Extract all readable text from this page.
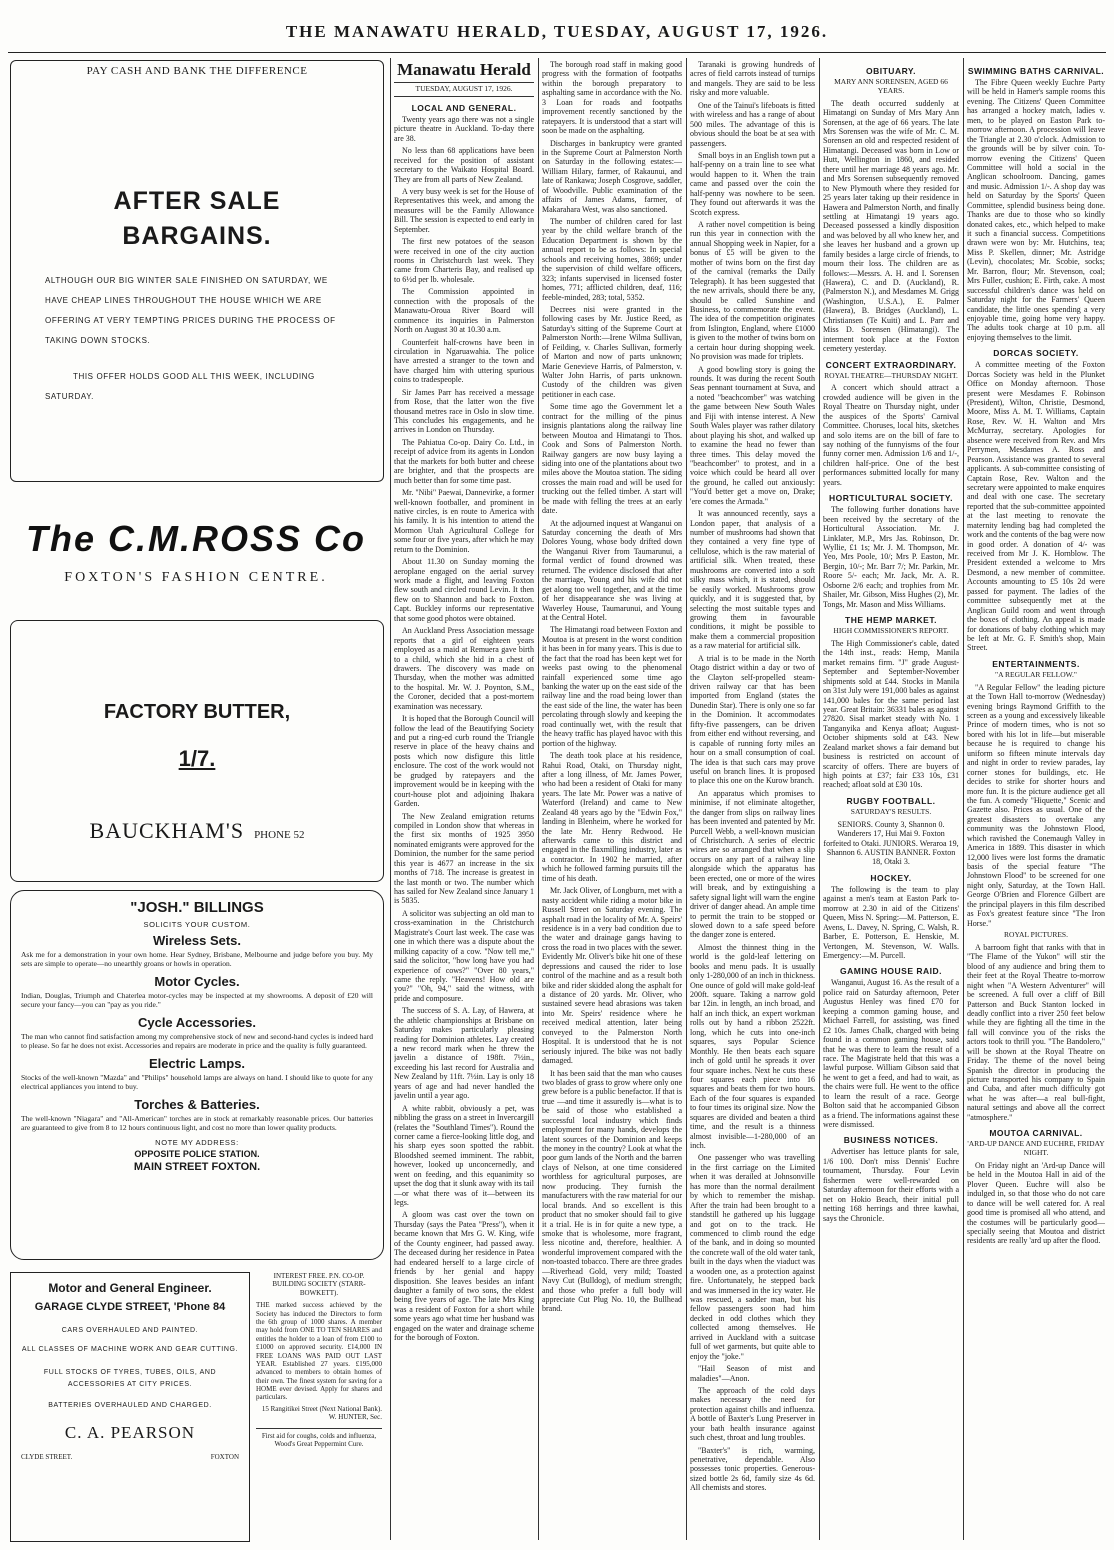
THE MANAWATU HERALD, TUESDAY, AUGUST 17, 1926.
PAY CASH AND BANK THE DIFFERENCE
AFTER SALE
BARGAINS.
ALTHOUGH OUR BIG WINTER SALE FINISHED ON SATURDAY, WE HAVE CHEAP LINES THROUGHOUT THE HOUSE WHICH WE ARE OFFERING AT VERY TEMPTING PRICES DURING THE PROCESS OF TAKING DOWN STOCKS.
THIS OFFER HOLDS GOOD ALL THIS WEEK, INCLUDING SATURDAY.
The C.M.ROSS Co
FOXTON'S FASHION CENTRE.
FACTORY BUTTER,
1/7.
BAUCKHAM'S PHONE 52
"JOSH." BILLINGS
SOLICITS YOUR CUSTOM.
Wireless Sets.
Ask me for a demonstration in your own home. Hear Sydney, Brisbane, Melbourne and judge before you buy. My sets are simple to operate—no unearthly groans or howls in operation.
Motor Cycles.
Indian, Douglas, Triumph and Chaterlea motor-cycles may be inspected at my showrooms. A deposit of £20 will secure your fancy—you can "pay as you ride."
Cycle Accessories.
The man who cannot find satisfaction among my comprehensive stock of new and second-hand cycles is indeed hard to please. So far he does not exist. Accessories and repairs are moderate in price and the quality is fully guaranteed.
Electric Lamps.
Stocks of the well-known "Mazda" and "Philips" household lamps are always on hand. I should like to quote for any electrical appliances you intend to buy.
Torches & Batteries.
The well-known "Niagara" and "All-American" torches are in stock at remarkably reasonable prices. Our batteries are guaranteed to give from 8 to 12 hours continuous light, and cost no more than lower quality products.
NOTE MY ADDRESS:
OPPOSITE POLICE STATION.
MAIN STREET FOXTON.
Motor and General Engineer.
GARAGE CLYDE STREET, 'Phone 84
CARS OVERHAULED AND PAINTED.
ALL CLASSES OF MACHINE WORK AND GEAR CUTTING.
FULL STOCKS OF TYRES, TUBES, OILS, AND ACCESSORIES AT CITY PRICES.
BATTERIES OVERHAULED AND CHARGED.
C. A. PEARSON
CLYDE STREET.	FOXTON
INTEREST FREE. P.N. CO-OP. BUILDING SOCIETY (STARR-BOWKETT).
THE marked success achieved by the Society has induced the Directors to form the 6th group of 1000 shares. A member may hold from ONE TO TEN SHARES and entitles the holder to a loan of from £100 to £1000 on approved security. £14,000 IN FREE LOANS WAS PAID OUT LAST YEAR. Established 27 years. £195,000 advanced to members to obtain homes of their own. The finest system for saving for a HOME ever devised. Apply for shares and particulars.
15 Rangitikei Street (Next National Bank).
W. HUNTER, Sec.
First aid for coughs, colds and influenza, Wood's Great Peppermint Cure.
Manawatu Herald
TUESDAY, AUGUST 17, 1926.
LOCAL AND GENERAL.

Twenty years ago there was not a single picture theatre in Auckland. To-day there are 38.

No less than 68 applications have been received for the position of assistant secretary to the Waikato Hospital Board. They are from all parts of New Zealand.

A very busy week is set for the House of Representatives this week, and among the measures will be the Family Allowance Bill. The session is expected to end early in September.

The first new potatoes of the season were received in one of the city auction rooms in Christchurch last week. They came from Charteris Bay, and realised up to 6½d per lb. wholesale.

The Commission appointed in connection with the proposals of the Manawatu-Oroua River Board will commence its inquiries in Palmerston North on August 30 at 10.30 a.m.

Counterfeit half-crowns have been in circulation in Ngaruawahia. The police have arrested a stranger to the town and have charged him with uttering spurious coins to tradespeople.

Sir James Parr has received a message from Rose, that the latter won the five thousand metres race in Oslo in slow time. This concludes his engagements, and he arrives in London on Thursday.

The Pahiatua Co-op. Dairy Co. Ltd., in receipt of advice from its agents in London that the markets for both butter and cheese are brighter, and that the prospects are much better than for some time past.

Mr. "Nibi" Paewai, Dannevirke, a former well-known footballer, and prominent in native circles, is en route to America with his family. It is his intention to attend the Mormon Utah Agricultural College for some four or five years, after which he may return to the Dominion.

About 11.30 on Sunday morning the aeroplane engaged on the aerial survey work made a flight, and leaving Foxton flew south and circled round Levin. It then flew on to Shannon and back to Foxton. Capt. Buckley informs our representative that some good photos were obtained.

An Auckland Press Association message reports that a girl of eighteen years employed as a maid at Remuera gave birth to a child, which she hid in a chest of drawers. The discovery was made on Thursday, when the mother was admitted to the hospital. Mr. W. J. Poynton, S.M., the Coroner, decided that a post-mortem examination was necessary.

It is hoped that the Borough Council will follow the lead of the Beautifying Society and put a ring-ed curb round the Triangle reserve in place of the heavy chains and posts which now disfigure this little enclosure. The cost of the work would not be grudged by ratepayers and the improvement would be in keeping with the court-house plot and adjoining Ihakara Garden.

The New Zealand emigration returns compiled in London show that whereas in the first six months of 1925 3950 nominated emigrants were approved for the Dominion, the number for the same period this year is 4677 an increase in the six months of 718. The increase is greatest in the last month or two. The number which has sailed for New Zealand since January 1 is 5835.

A solicitor was subjecting an old man to cross-examination in the Christchurch Magistrate's Court last week. The case was one in which there was a dispute about the milking capacity of a cow. "Now tell me," said the solicitor, "how long have you had experience of cows?" "Over 80 years," came the reply. "Heavens! How old are you?" "Oh, 94," said the witness, with pride and composure.

The success of S. A. Lay, of Hawera, at the athletic championships at Brisbane on Saturday makes particularly pleasing reading for Dominion athletes. Lay created a new record mark when he threw the javelin a distance of 198ft. 7½in., exceeding his last record for Australia and New Zealand by 11ft. 7½in. Lay is only 18 years of age and had never handled the javelin until a year ago.

A white rabbit, obviously a pet, was nibbling the grass on a street in Invercargill (relates the "Southland Times"). Round the corner came a fierce-looking little dog, and his sharp eyes soon spotted the rabbit. Bloodshed seemed imminent. The rabbit, however, looked up unconcernedly, and went on feeding, and this equanimity so upset the dog that it slunk away with its tail—or what there was of it—between its legs.

A gloom was cast over the town on Thursday (says the Patea "Press"), when it became known that Mrs G. W. King, wife of the County engineer, had passed away. The deceased during her residence in Patea had endeared herself to a large circle of friends by her genial and happy disposition. She leaves besides an infant daughter a family of two sons, the eldest being five years of age. The late Mrs King was a resident of Foxton for a short while some years ago what time her husband was engaged on the water and drainage scheme for the borough of Foxton.

The borough road staff in making good progress with the formation of footpaths within the borough preparatory to asphalting same in accordance with the No. 3 Loan for roads and footpaths improvement recently sanctioned by the ratepayers. It is understood that a start will soon be made on the asphalting.

Discharges in bankruptcy were granted in the Supreme Court at Palmerston North on Saturday in the following estates:—William Hilary, farmer, of Rakaunui, and late of Rankawa; Joseph Cosgrove, saddler, of Woodville. Public examination of the affairs of James Adams, farmer, of Makarahara West, was also sanctioned.

The number of children cared for last year by the child welfare branch of the Education Department is shown by the annual report to be as follows: In special schools and receiving homes, 3869; under the supervision of child welfare officers, 323; infants supervised in licensed foster homes, 771; afflicted children, deaf, 116; feeble-minded, 283; total, 5352.

Decrees nisi were granted in the following cases by Mr. Justice Reed, as Saturday's sitting of the Supreme Court at Palmerston North:—Irene Wilma Sullivan, of Feilding, v. Charles Sullivan, formerly of Marton and now of parts unknown; Marie Genevieve Harris, of Palmerston, v. Walter John Harris, of parts unknown. Custody of the children was given petitioner in each case.

Some time ago the Government let a contract for the milling of the pinus insignis plantations along the railway line between Moutoa and Himatangi to Thos. Cook and Sons of Palmerston North. Railway gangers are now busy laying a siding into one of the plantations about two miles above the Moutoa station. The siding crosses the main road and will be used for trucking out the felled timber. A start will be made with felling the trees at an early date.

At the adjourned inquest at Wanganui on Saturday concerning the death of Mrs Dolores Young, whose body drifted down the Wanganui River from Taumarunui, a formal verdict of found drowned was returned. The evidence disclosed that after the marriage, Young and his wife did not get along too well together, and at the time of her disappearance she was living at Waverley House, Taumarunui, and Young at the Central Hotel.

The Himatangi road between Foxton and Moutoa is at present in the worst condition it has been in for many years. This is due to the fact that the road has been kept wet for weeks past owing to the phenomenal rainfall experienced some time ago banking the water up on the east side of the railway line and the road being lower than the east side of the line, the water has been percolating through slowly and keeping the road continually wet, with the result that the heavy traffic has played havoc with this portion of the highway.

The death took place at his residence, Rahui Road, Otaki, on Thursday night, after a long illness, of Mr. James Power, who had been a resident of Otaki for many years. The late Mr. Power was a native of Waterford (Ireland) and came to New Zealand 48 years ago by the "Edwin Fox," landing in Blenheim, where he worked for the late Mr. Henry Redwood. He afterwards came to this district and engaged in the flaxmilling industry, later as a contractor. In 1902 he married, after which he followed farming pursuits till the time of his death.

Mr. Jack Oliver, of Longburn, met with a nasty accident while riding a motor bike in Russell Street on Saturday evening. The asphalt road in the locality of Mr. A. Speirs' residence is in a very bad condition due to the water and drainage gangs having to cross the road in two places with the sewer. Evidently Mr. Oliver's bike hit one of these depressions and caused the rider to lose control of the machine and as a result both bike and rider skidded along the asphalt for a distance of 20 yards. Mr. Oliver, who sustained severe head abrasions was taken into Mr. Speirs' residence where he received medical attention, later being conveyed to the Palmerston North Hospital. It is understood that he is not seriously injured. The bike was not badly damaged.

It has been said that the man who causes two blades of grass to grow where only one grew before is a public benefactor. If that is true —and time it assuredly is—what is to be said of those who established a successful local industry which finds employment for many hands, develops the latent sources of the Dominion and keeps the money in the country? Look at what the poor gum lands of the North and the barren clays of Nelson, at one time considered worthless for agricultural purposes, are now producing. They furnish the manufacturers with the raw material for our local brands. And so excellent is this product that no smoker should fail to give it a trial. He is in for quite a new type, a smoke that is wholesome, more fragrant, less nicotine and, therefore, healthier. A wonderful improvement compared with the non-toasted tobacco. There are three grades—Riverhead Gold, very mild; Toasted Navy Cut (Bulldog), of medium strength; and those who prefer a full body will appreciate Cut Plug No. 10, the Bullhead brand.

Taranaki is growing hundreds of acres of field carrots instead of turnips and mangels. They are said to be less risky and more valuable.

One of the Tainui's lifeboats is fitted with wireless and has a range of about 500 miles. The advantage of this is obvious should the boat be at sea with passengers.

Small boys in an English town put a half-penny on a train line to see what would happen to it. When the train came and passed over the coin the half-penny was nowhere to be seen. They found out afterwards it was the Scotch express.

A rather novel competition is being run this year in connection with the annual Shopping week in Napier, for a bonus of £5 will be given to the mother of twins born on the first day of the carnival (remarks the Daily Telegraph). It has been suggested that the new arrivals, should there be any, should be called Sunshine and Business, to commemorate the event. The idea of the competition originates from Islington, England, where £1000 is given to the mother of twins born on a certain hour during shopping week. No provision was made for triplets.

A good bowling story is going the rounds. It was during the recent South Seas pennant tournament at Suva, and a noted "beachcomber" was watching the game between New South Wales and Fiji with intense interest. A New South Wales player was rather dilatory about playing his shot, and walked up to examine the head no fewer than three times. This delay moved the "beachcomber" to protest, and in a voice which could be heard all over the ground, he called out anxiously: "You'd better get a move on, Drake; 'ere comes the Armada."

It was announced recently, says a London paper, that analysis of a number of mushrooms had shown that they contained a very fine type of cellulose, which is the raw material of artificial silk. When treated, these mushrooms are converted into a soft silky mass which, it is stated, should be easily worked. Mushrooms grow quickly, and it is suggested that, by selecting the most suitable types and growing them in favourable conditions, it might be possible to make them a commercial proposition as a raw material for artificial silk.

A trial is to be made in the North Otago district within a day or two of the Clayton self-propelled steam-driven railway car that has been imported from England (states the Dunedin Star). There is only one so far in the Dominion. It accommodates fifty-five passengers, can be driven from either end without reversing, and is capable of running forty miles an hour on a small consumption of coal. The idea is that such cars may prove useful on branch lines. It is proposed to place this one on the Kurow branch.

An apparatus which promises to minimise, if not eliminate altogether, the danger from slips on railway lines has been invented and patented by Mr. Purcell Webb, a well-known musician of Christchurch. A series of electric wires are so arranged that when a slip occurs on any part of a railway line alongside which the apparatus has been erected, one or more of the wires will break, and by extinguishing a safety signal light will warn the engine driver of danger ahead. An ample time to permit the train to be stopped or slowed down to a safe speed before the danger zone is entered.

Almost the thinnest thing in the world is the gold-leaf lettering on books and menu pads. It is usually only 1-280,000 of an inch in thickness. One ounce of gold will make gold-leaf 200ft. square. Taking a narrow gold bar 12in. in length, an inch broad, and half an inch thick, an expert workman rolls out by hand a ribbon 2522ft. long, which he cuts into one-inch squares, says Popular Science Monthly. He then beats each square inch of gold until he spreads it over four square inches. Next he cuts these four squares each piece into 16 squares and beats them for two hours. Each of the four squares is expanded to four times its original size. Now the squares are divided and beaten a third time, and the result is a thinness almost invisible—1-280,000 of an inch.

One passenger who was travelling in the first carriage on the Limited when it was derailed at Johnsonville has more than the normal derailment by which to remember the mishap. After the train had been brought to a standstill he gathered up his luggage and got on to the track. He commenced to climb round the edge of the bank, and in doing so mounted the concrete wall of the old water tank, built in the days when the viaduct was a wooden one, as a protection against fire. Unfortunately, he stepped back and was immersed in the icy water. He was rescued, a sadder man, but his fellow passengers soon had him decked in odd clothes which they collected among themselves. He arrived in Auckland with a suitcase full of wet garments, but quite able to enjoy the "joke."

"Hail Season of mist and maladies"—Anon.

The approach of the cold days makes necessary the need for protection against chills and influenza. A bottle of Baxter's Lung Preserver in your bath health insurance against such chest, throat and lung troubles.

"Baxter's" is rich, warming, penetrative, dependable. Also possesses tonic properties. Generous-sized bottle 2s 6d, family size 4s 6d. All chemists and stores.

OBITUARY.
MARY ANN SORENSEN, AGED 66 YEARS.

The death occurred suddenly at Himatangi on Sunday of Mrs Mary Ann Sorensen, at the age of 66 years. The late Mrs Sorensen was the wife of Mr. C. M. Sorensen an old and respected resident of Himatangi. Deceased was born in Low or Hutt, Wellington in 1860, and resided there until her marriage 48 years ago. Mr. and Mrs Sorensen subsequently removed to New Plymouth where they resided for 25 years later taking up their residence in Hawera and Palmerston North, and finally settling at Himatangi 19 years ago. Deceased possessed a kindly disposition and was beloved by all who knew her, and she leaves her husband and a grown up family besides a large circle of friends, to mourn their loss. The children are as follows:—Messrs. A. H. and I. Sorensen (Hawera), C. and D. (Auckland), R. (Palmerston N.), and Mesdames M. Grigg (Washington, U.S.A.), E. Palmer (Hawera), B. Bridges (Auckland), L. Christiansen (Te Kuiti) and L. Parr and Miss D. Sorensen (Himatangi). The interment took place at the Foxton cemetery yesterday.

CONCERT EXTRAORDINARY.
ROYAL THEATRE—THURSDAY NIGHT.

A concert which should attract a crowded audience will be given in the Royal Theatre on Thursday night, under the auspices of the Sports' Carnival Committee. Choruses, local hits, sketches and solo items are on the bill of fare to say nothing of the funnyisms of the four funny corner men. Admission 1/6 and 1/-, children half-price. One of the best performances submitted locally for many years.

HORTICULTURAL SOCIETY.

The following further donations have been received by the secretary of the Horticultural Association. Mr. J. Linklater, M.P., Mrs Jas. Robinson, Dr. Wyllie, £1 1s; Mr. J. M. Thompson, Mr. Yeo, Mrs Poole, 10/; Mrs P. Easton, Mr. Bergin, 10/-; Mr. Barr 7/; Mr. Parkin, Mr. Roore 5/- each; Mr. Jack, Mr. A. R. Osborne 2/6 each; and trophies from Mr. Shailer, Mr. Gibson, Miss Hughes (2), Mr. Tongs, Mr. Mason and Miss Williams.

THE HEMP MARKET.
HIGH COMMISSIONER'S REPORT.

The High Commissioner's cable, dated the 14th inst., reads: Hemp, Manila market remains firm. "J" grade August-September and September-November shipments sold at £44. Stocks in Manila on 31st July were 191,000 bales as against 141,000 bales for the same period last year. Great Britain: 36331 bales as against 27820. Sisal market steady with No. 1 Tanganyika and Kenya afloat; August-October shipments sold at £43. New Zealand market shows a fair demand but business is restricted on account of scarcity of offers. There are buyers of high points at £37; fair £33 10s, £31 reached; afloat sold at £30 10s.

RUGBY FOOTBALL.
SATURDAY'S RESULTS.

SENIORS. County 3, Shannon 0. Wanderers 17, Hui Mai 9. Foxton forfeited to Otaki. JUNIORS. Weraroa 19, Shannon 6. AUSTIN BANNER. Foxton 18, Otaki 3.

HOCKEY.

The following is the team to play against a men's team at Easton Park to-morrow at 2.30 in aid of the Citizens' Queen, Miss N. Spring:—M. Patterson, E. Avens, L. Davey, N. Spring, C. Walsh, R. Barber, E. Potterson, E. Henskie, M. Vertongen, M. Stevenson, W. Walls. Emergency:—M. Purcell.

GAMING HOUSE RAID.

Wanganui, August 16. As the result of a police raid on Saturday afternoon, Peter Augustus Henley was fined £70 for keeping a common gaming house, and Michael Farrell, for assisting, was fined £2 10s. James Chalk, charged with being found in a common gaming house, said that he was there to learn the result of a race. The Magistrate held that this was a lawful purpose. William Gibson said that he went to get a feed, and had to wait, as the chairs were full. He went to the office to learn the result of a race. George Bolton said that he accompanied Gibson as a friend. The informations against these were dismissed.

BUSINESS NOTICES.

Advertiser has lettuce plants for sale, 1/6 100. Don't miss Dennis' Euchre tournament, Thursday. Four Levin fishermen were well-rewarded on Saturday afternoon for their efforts with a net on Hokio Beach, their initial pull netting 168 herrings and three kawhai, says the Chronicle.

SWIMMING BATHS CARNIVAL.

The Fibre Queen weekly Euchre Party will be held in Hamer's sample rooms this evening. The Citizens' Queen Committee has arranged a hockey match, ladies v. men, to be played on Easton Park to-morrow afternoon. A procession will leave the Triangle at 2.30 o'clock. Admission to the grounds will be by silver coin. To-morrow evening the Citizens' Queen Committee will hold a social in the Anglican schoolroom. Dancing, games and music. Admission 1/-. A shop day was held on Saturday by the Sports' Queen Committee, splendid business being done. Thanks are due to those who so kindly donated cakes, etc., which helped to make it such a financial success. Competitions drawn were won by: Mr. Hutchins, tea; Miss P. Skellen, dinner; Mr. Astridge (Levin), chocolates; Mr. Scobie, socks; Mr. Barron, flour; Mr. Stevenson, coal; Mrs Fuller, cushion; E. Firth, cake. A most successful children's dance was held on Saturday night for the Farmers' Queen candidate, the little ones spending a very enjoyable time, going home very happy. The adults took charge at 10 p.m. all enjoying themselves to the limit.

DORCAS SOCIETY.

A committee meeting of the Foxton Dorcas Society was held in the Plunket Office on Monday afternoon. Those present were Mesdames F. Robinson (President), Wilton, Christie, Desmond, Moore, Miss A. M. T. Williams, Captain Rose, Rev. W. H. Walton and Mrs McMurray, secretary. Apologies for absence were received from Rev. and Mrs Perrymen, Mesdames A. Ross and Pearson. Assistance was granted to several applicants. A sub-committee consisting of Captain Rose, Rev. Walton and the secretary were appointed to make enquires and deal with one case. The secretary reported that the sub-committee appointed at the last meeting to renovate the maternity lending bag had completed the work and the contents of the bag were now in good order. A donation of 4/- was received from Mr J. K. Hornblow. The President extended a welcome to Mrs Desmond, a new member of committee. Accounts amounting to £5 10s 2d were passed for payment. The ladies of the committee subsequently met at the Anglican Guild room and went through the boxes of clothing. An appeal is made for donations of baby clothing which may be left at Mr. G. F. Smith's shop, Main Street.

ENTERTAINMENTS.
"A REGULAR FELLOW."

"A Regular Fellow" the leading picture at the Town Hall to-morrow (Wednesday) evening brings Raymond Griffith to the screen as a young and excessively likeable Prince of modern times, who is not so bored with his lot in life—but miserable because he is required to change his uniform so fifteen minute intervals day and night in order to review parades, lay corner stones for buildings, etc. He decides to strike for shorter hours and more fun. It is the picture audience get all the fun. A comedy "Hiquette," Scenic and Gazette also. Prices as usual. One of the greatest disasters to overtake any community was the Johnstown Flood, which ravished the Conemaugh Valley in America in 1889. This disaster in which 12,000 lives were lost forms the dramatic basis of the special feature "The Johnstown Flood" to be screened for one night only, Saturday, at the Town Hall. George O'Brien and Florence Gilbert are the principal players in this film described as Fox's greatest feature since "The Iron Horse."

ROYAL PICTURES.

A barroom fight that ranks with that in "The Flame of the Yukon" will stir the blood of any audience and bring them to their feet at the Royal Theatre to-morrow night when "A Western Adventurer" will be screened. A full over a cliff of Bill Patterson and Buck Stanton locked in deadly conflict into a river 250 feet below while they are fighting all the time in the fall will convince you of the risks the actors took to thrill you. "The Bandolero," will be shown at the Royal Theatre on Friday. The theme of the novel being Spanish the director in producing the picture transported his company to Spain and Cuba, and after much difficulty got what he was after—a real bull-fight, natural settings and above all the correct "atmosphere."

MOUTOA CARNIVAL.
'ARD-UP DANCE AND EUCHRE, FRIDAY NIGHT.

On Friday night an 'Ard-up Dance will be held in the Moutoa Hall in aid of the Plover Queen. Euchre will also be indulged in, so that those who do not care to dance will be well catered for. A real good time is promised all who attend, and the costumes will be particularly good—specially seeing that Moutoa and district residents are really 'ard up after the flood.
